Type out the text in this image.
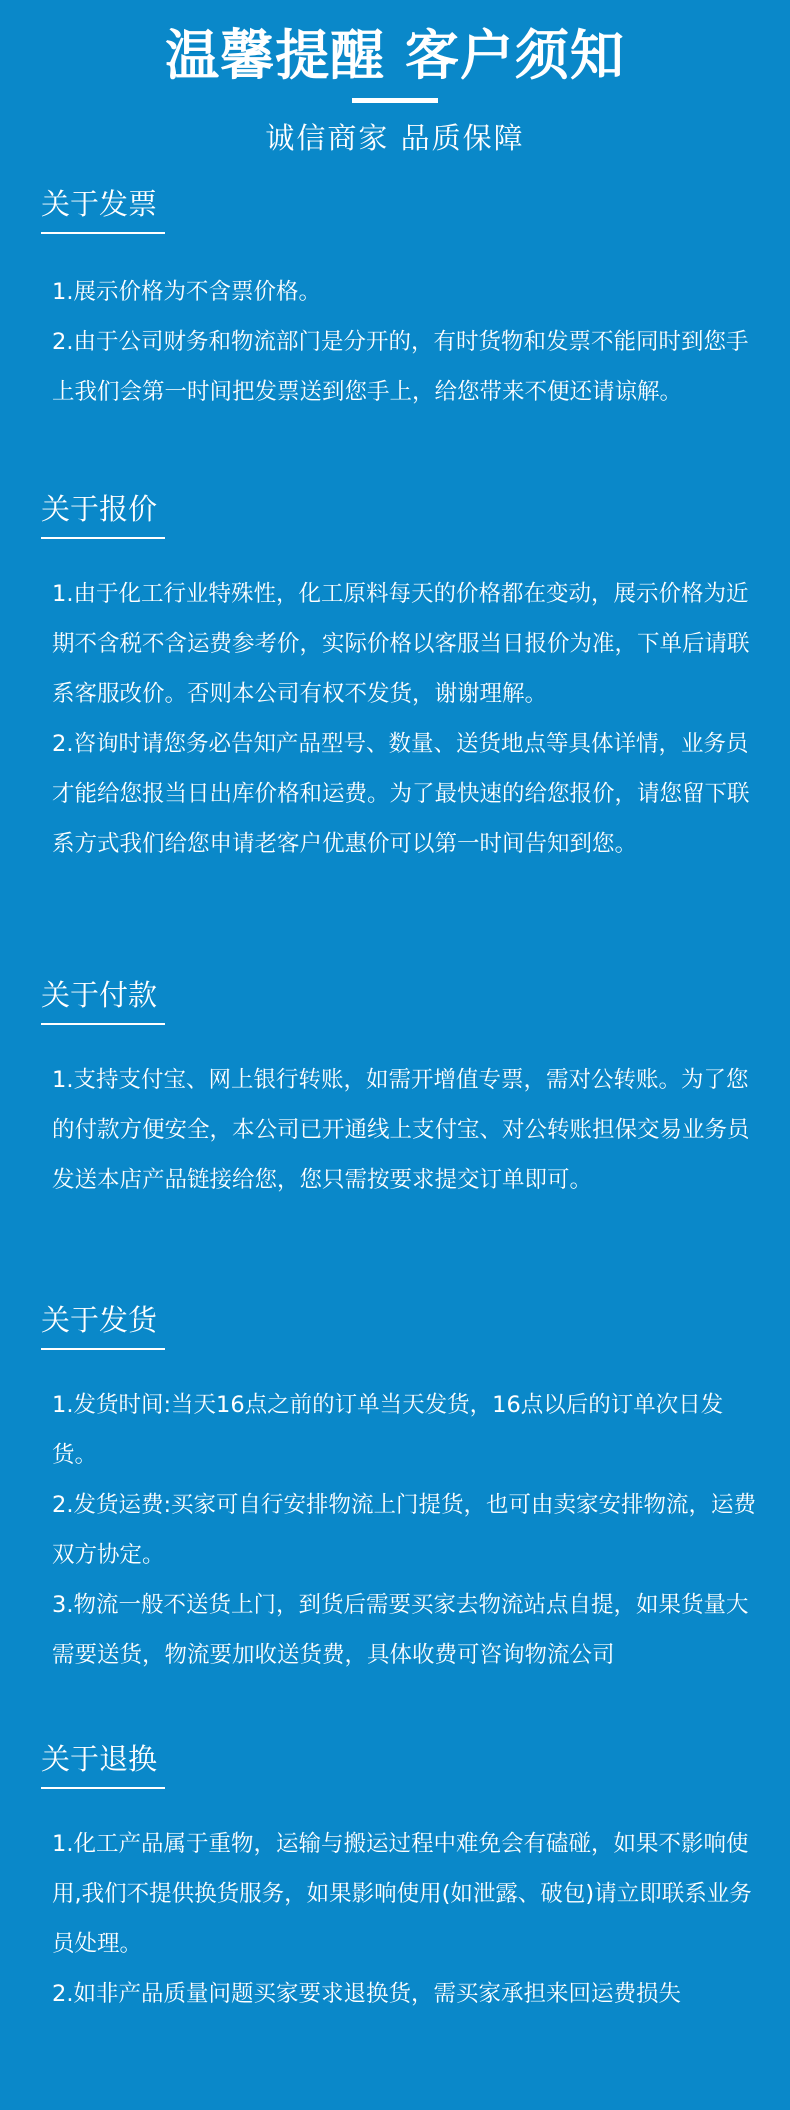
温馨提醒 客户须知
诚信商家 品质保障
关于发票

1.展示价格为不含票价格。

2.由于公司财务和物流部门是分开的，有时货物和发票不能同时到您手上我们会第一时间把发票送到您手上，给您带来不便还请谅解。

关于报价

1.由于化工行业特殊性，化工原料每天的价格都在变动，展示价格为近期不含税不含运费参考价，实际价格以客服当日报价为准，下单后请联系客服改价。否则本公司有权不发货，谢谢理解。

2.咨询时请您务必告知产品型号、数量、送货地点等具体详情，业务员才能给您报当日出库价格和运费。为了最快速的给您报价，请您留下联系方式我们给您申请老客户优惠价可以第一时间告知到您。

关于付款

1.支持支付宝、网上银行转账，如需开增值专票，需对公转账。为了您的付款方便安全，本公司已开通线上支付宝、对公转账担保交易业务员发送本店产品链接给您，您只需按要求提交订单即可。

关于发货

1.发货时间:当天16点之前的订单当天发货，16点以后的订单次日发货。

2.发货运费:买家可自行安排物流上门提货，也可由卖家安排物流，运费双方协定。

3.物流一般不送货上门，到货后需要买家去物流站点自提，如果货量大需要送货，物流要加收送货费，具体收费可咨询物流公司

关于退换

1.化工产品属于重物，运输与搬运过程中难免会有磕碰，如果不影响使用,我们不提供换货服务，如果影响使用(如泄露、破包)请立即联系业务员处理。

2.如非产品质量问题买家要求退换货，需买家承担来回运费损失
